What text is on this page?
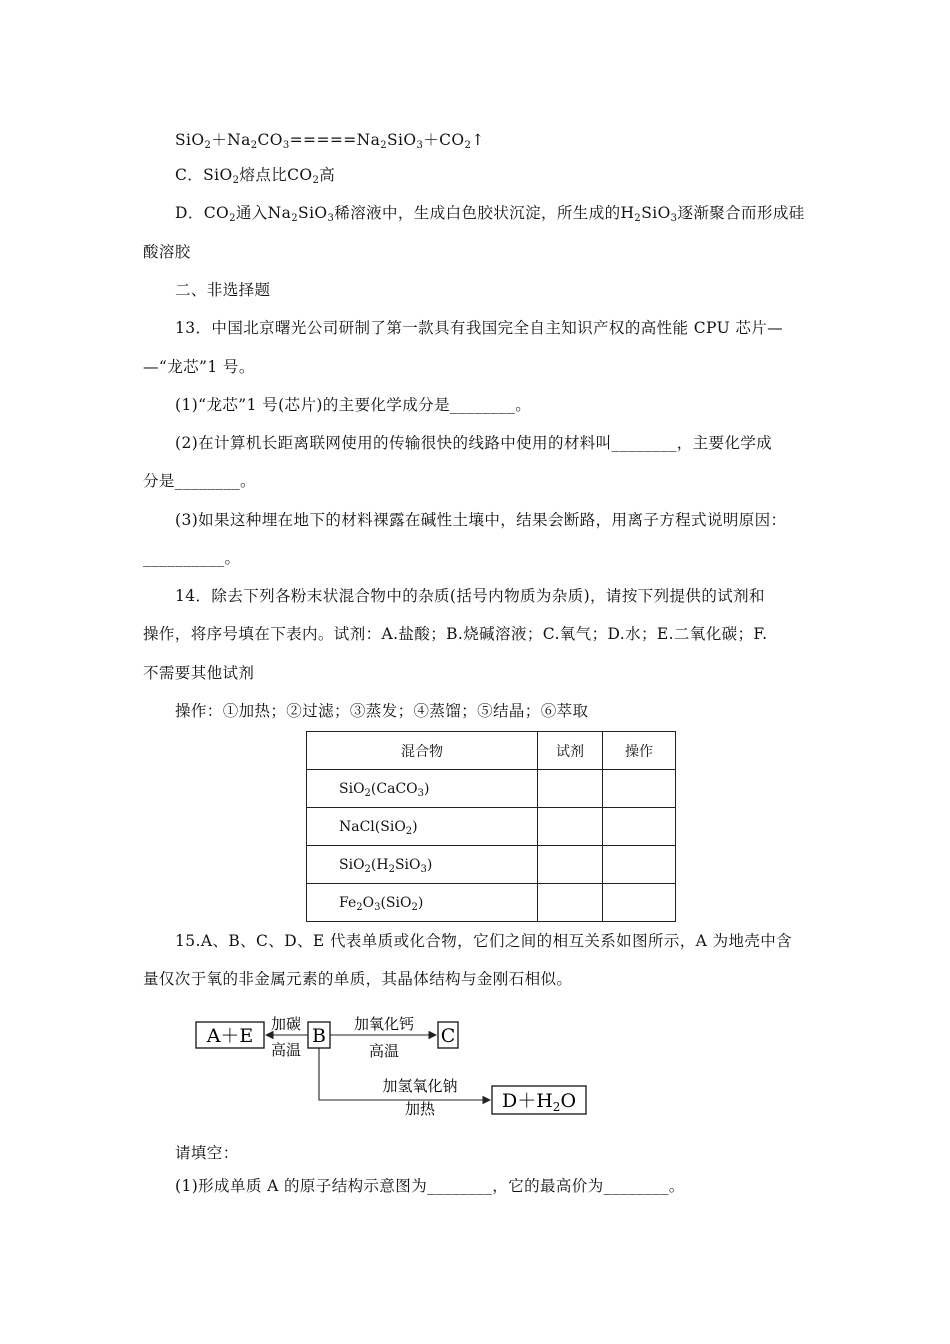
$SiO_2+Na_2CO_3=====Na_2SiO_3+CO_2↑$
C．SiO$_2$熔点比$CO_2$高
D．$CO_2$通入$Na_2SiO_3$稀溶液中，生成白色胶状沉淀，所生成的$H_2SiO_3$逐渐聚合而形成硅
酸溶胶
二、非选择题
13．中国北京曙光公司研制了第一款具有我国完全自主知识产权的高性能 CPU 芯片—
—“龙芯”1 号。
(1)“龙芯”1 号(芯片)的主要化学成分是________。
(2)在计算机长距离联网使用的传输很快的线路中使用的材料叫________，主要化学成
分是________。
(3)如果这种埋在地下的材料裸露在碱性土壤中，结果会断路，用离子方程式说明原因：
__________。
14．除去下列各粉末状混合物中的杂质(括号内物质为杂质)，请按下列提供的试剂和
操作，将序号填在下表内。试剂：A.盐酸；B.烧碱溶液；C.氧气；D.水；E.二氧化碳；F.
不需要其他试剂
操作：①加热；②过滤；③蒸发；④蒸馏；⑤结晶；⑥萃取
混合物	试剂	操作
SiO$_2$(CaCO$_3$)		
NaCl(SiO$_2$)		
$SiO_2(H_2SiO_3)$		
$Fe_2O_3(SiO_2)$		
15.A、B、C、D、E 代表单质或化合物，它们之间的相互关系如图所示，A 为地壳中含
量仅次于氧的非金属元素的单质，其晶体结构与金刚石相似。
A＋E	B	C
加碳
高温
加氧化钙
高温
加氢氧化钠
加热	$D+H_2O$
请填空：
(1)形成单质 A 的原子结构示意图为________，它的最高价为________。
